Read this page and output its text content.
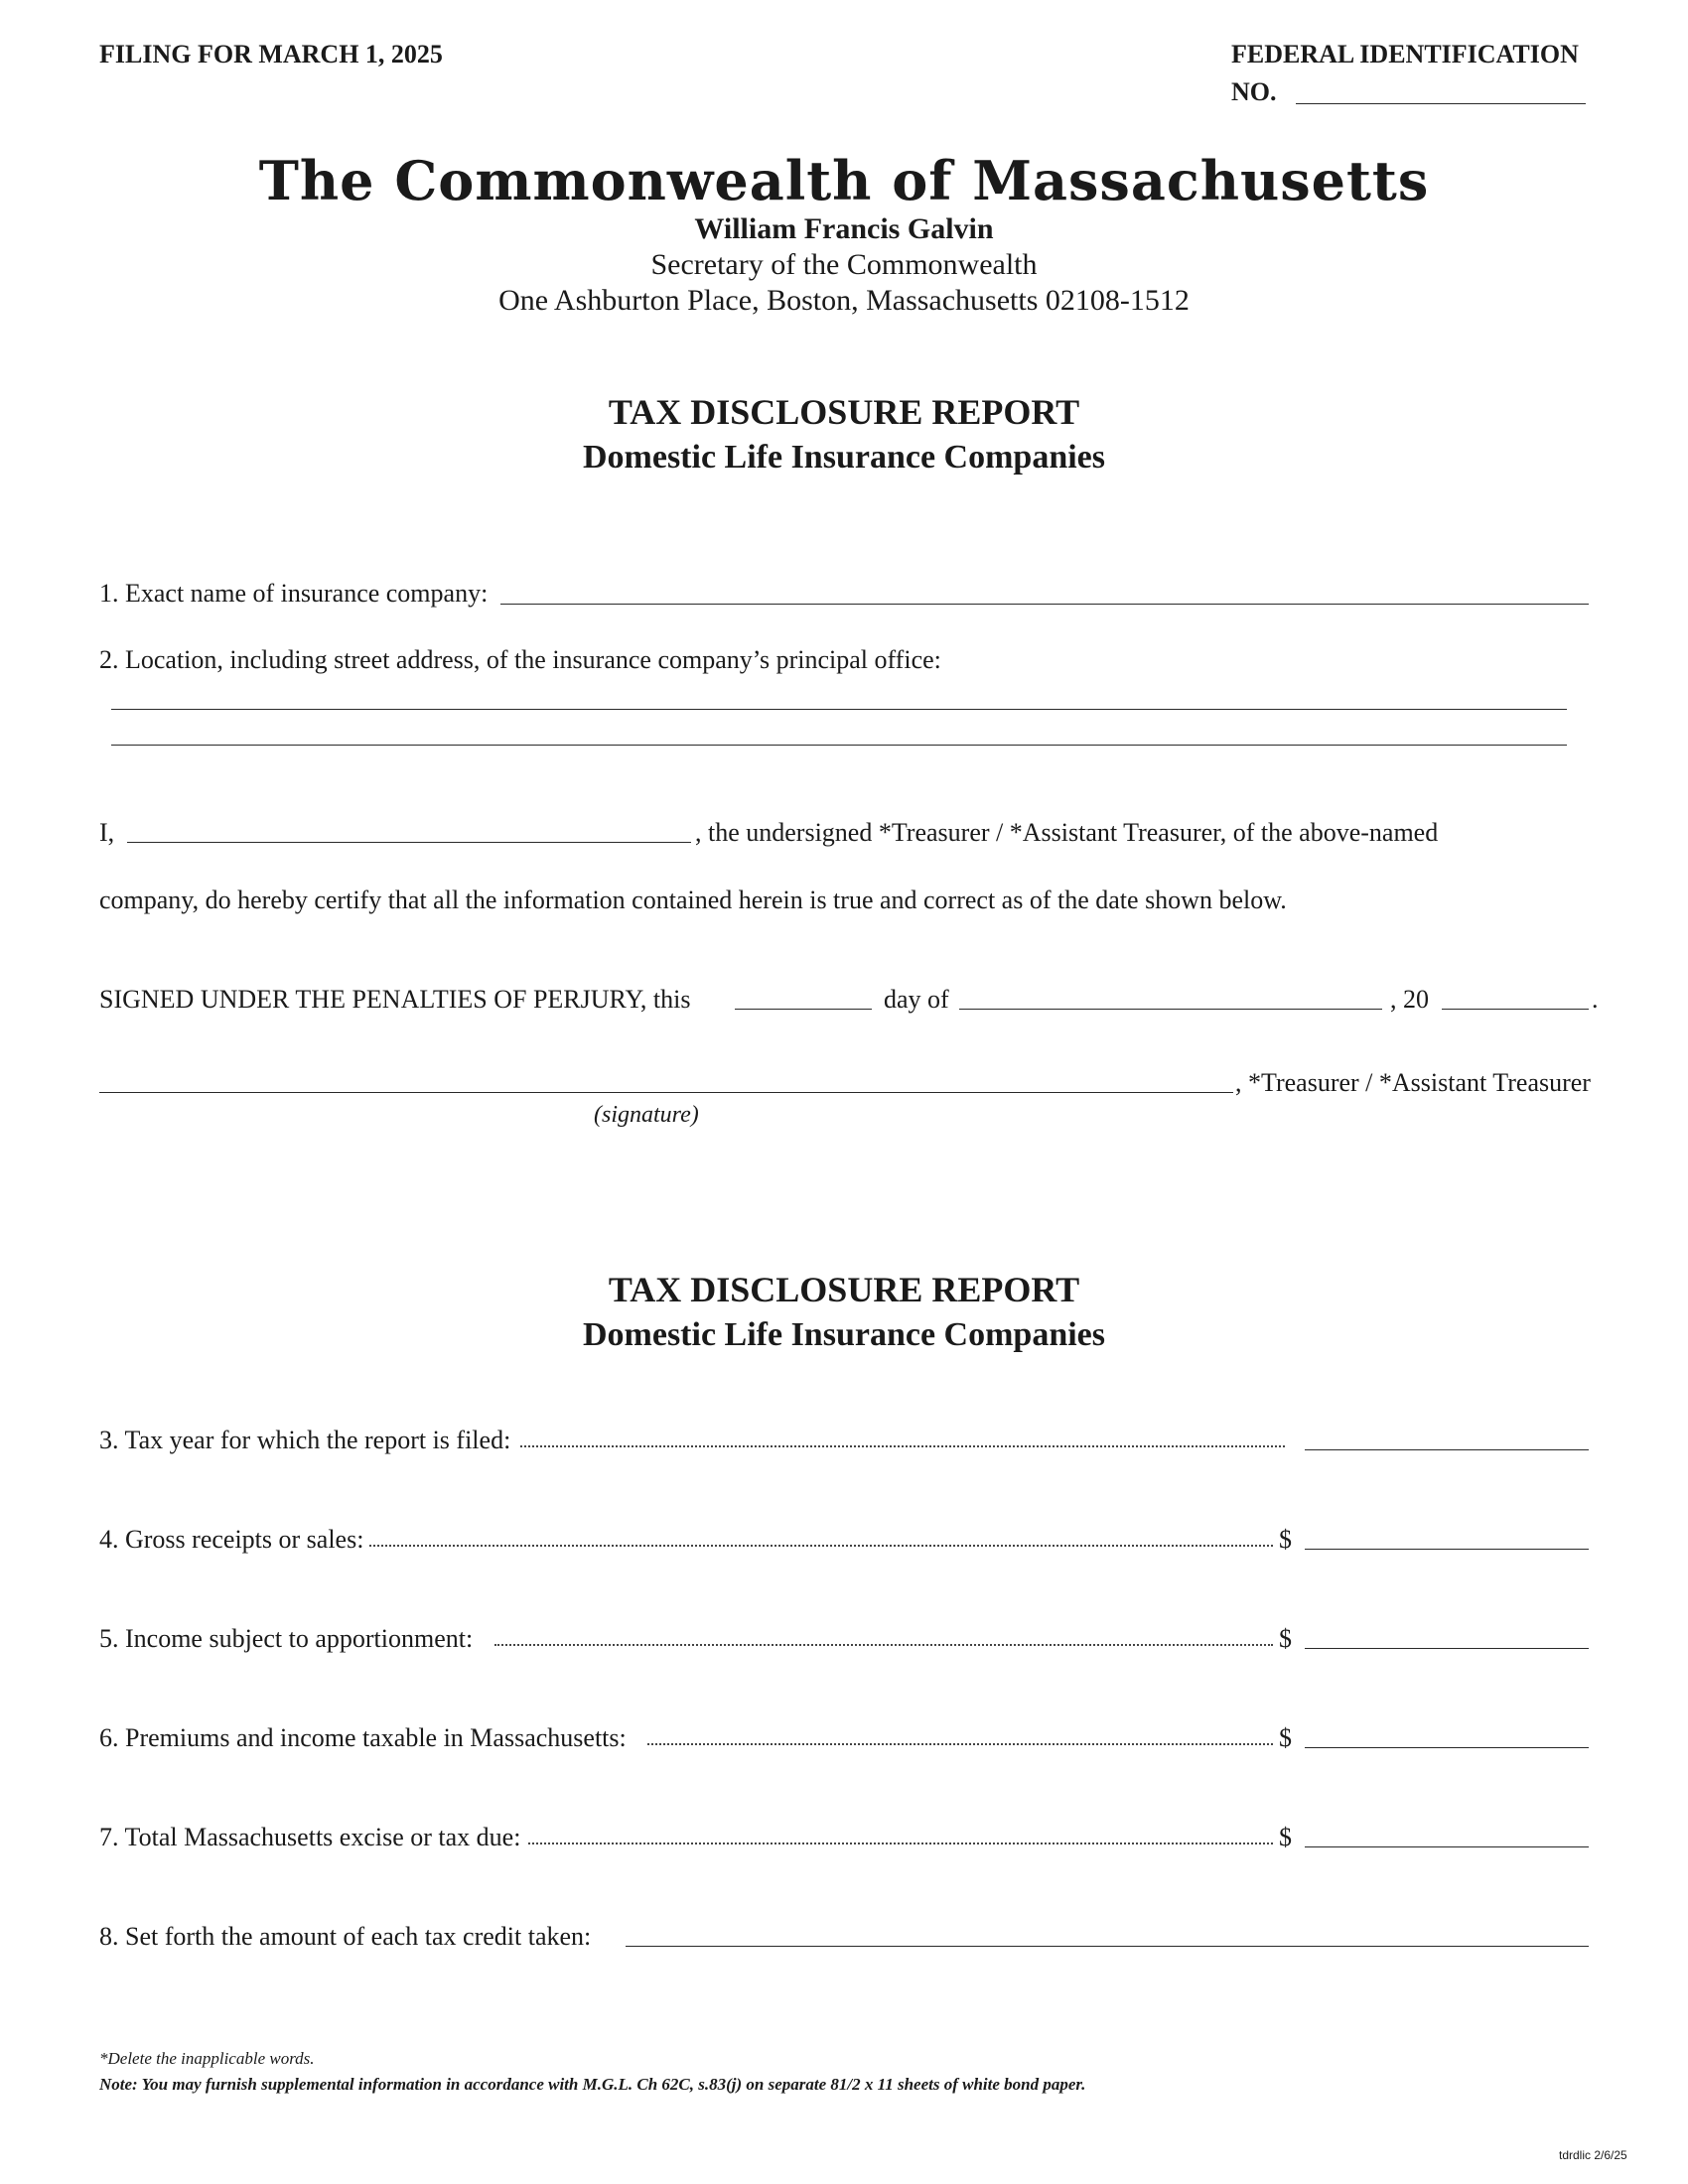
FILING FOR MARCH 1, 2025	FEDERAL IDENTIFICATION
NO.
The Commonwealth of Massachusetts
William Francis Galvin
Secretary of the Commonwealth
One Ashburton Place, Boston, Massachusetts 02108-1512
TAX DISCLOSURE REPORT
Domestic Life Insurance Companies
1. Exact name of insurance company:
2. Location, including street address, of the insurance company’s principal office:
I,	, the undersigned *Treasurer / *Assistant Treasurer, of the above-named
company, do hereby certify that all the information contained herein is true and correct as of the date shown below.
SIGNED UNDER THE PENALTIES OF PERJURY, this	day of	, 20	.
, *Treasurer / *Assistant Treasurer
(signature)
TAX DISCLOSURE REPORT
Domestic Life Insurance Companies
3. Tax year for which the report is filed:
4. Gross receipts or sales:	$
5. Income subject to apportionment:	$
6. Premiums and income taxable in Massachusetts:	$
7. Total Massachusetts excise or tax due:	$
8. Set forth the amount of each tax credit taken:
*Delete the inapplicable words.
Note: You may furnish supplemental information in accordance with M.G.L. Ch 62C, s.83(j) on separate 81/2 x 11 sheets of white bond paper.
tdrdlic 2/6/25
